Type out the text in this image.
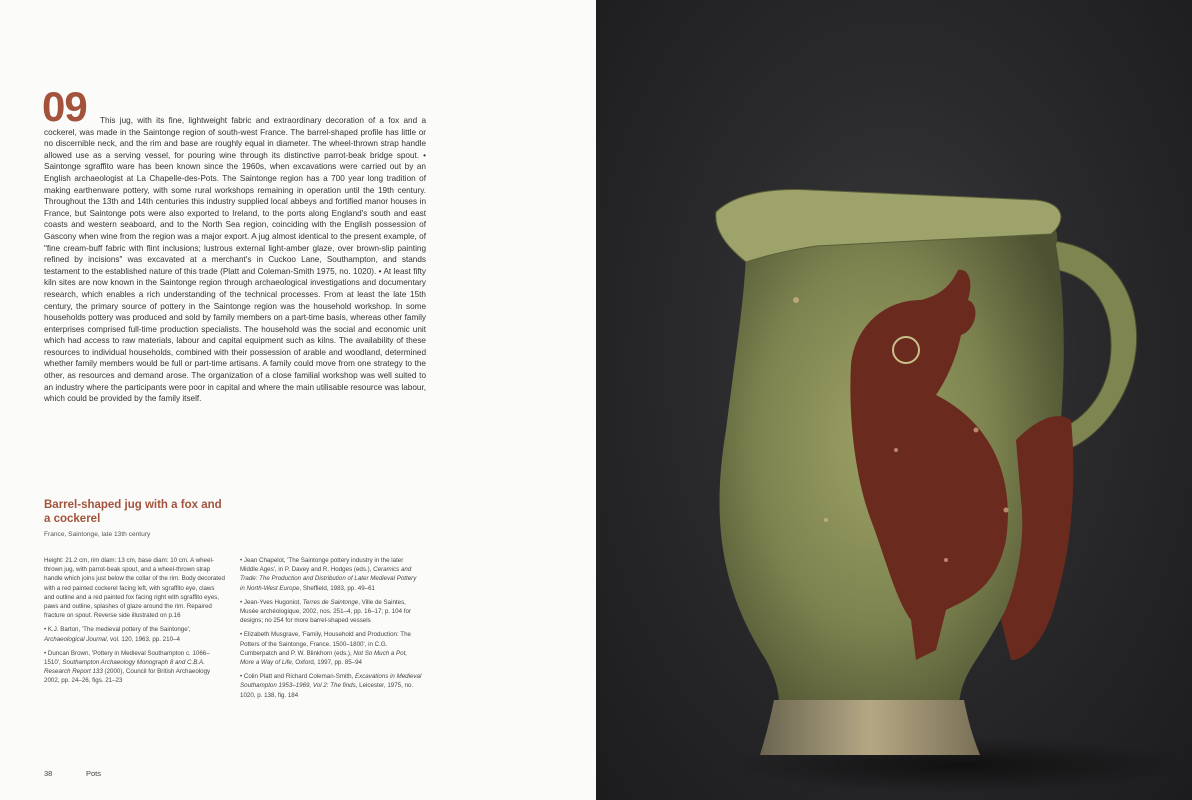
09	This jug, with its fine, lightweight fabric and extraordinary decoration of a fox and a cockerel, was made in the Saintonge region of south-west France. The barrel-shaped profile has little or no discernible neck, and the rim and base are roughly equal in diameter. The wheel-thrown strap handle allowed use as a serving vessel, for pouring wine through its distinctive parrot-beak bridge spout. • Saintonge sgraffito ware has been known since the 1960s, when excavations were carried out by an English archaeologist at La Chapelle-des-Pots. The Saintonge region has a 700 year long tradition of making earthenware pottery, with some rural workshops remaining in operation until the 19th century. Throughout the 13th and 14th centuries this industry supplied local abbeys and fortified manor houses in France, but Saintonge pots were also exported to Ireland, to the ports along England's south and east coasts and western seaboard, and to the North Sea region, coinciding with the English possession of Gascony when wine from the region was a major export. A jug almost identical to the present example, of "fine cream-buff fabric with flint inclusions; lustrous external light-amber glaze, over brown-slip painting refined by incisions" was excavated at a merchant's in Cuckoo Lane, Southampton, and stands testament to the established nature of this trade (Platt and Coleman-Smith 1975, no. 1020). • At least fifty kiln sites are now known in the Saintonge region through archaeological investigations and documentary research, which enables a rich understanding of the technical processes. From at least the late 15th century, the primary source of pottery in the Saintonge region was the household workshop. In some households pottery was produced and sold by family members on a part-time basis, whereas other family enterprises comprised full-time production specialists. The household was the social and economic unit which had access to raw materials, labour and capital equipment such as kilns. The availability of these resources to individual households, combined with their possession of arable and woodland, determined whether family members would be full or part-time artisans. A family could move from one strategy to the other, as resources and demand arose. The organization of a close familial workshop was well suited to an industry where the participants were poor in capital and where the main utilisable resource was labour, which could be provided by the family itself.
Barrel-shaped jug with a fox and a cockerel
France, Saintonge, late 13th century

Height: 21.2 cm, rim diam: 13 cm, base diam: 10 cm. A wheel-thrown jug, with parrot-beak spout, and a wheel-thrown strap handle which joins just below the collar of the rim. Body decorated with a red painted cockerel facing left, with sgraffito eye, claws and outline and a red painted fox facing right with sgraffito eyes, paws and outline, splashes of glaze around the rim. Repaired fracture on spout. Reverse side illustrated on p.16

• K.J. Barton, 'The medieval pottery of the Saintonge', Archaeological Journal, vol. 120, 1963, pp. 210–4

• Duncan Brown, 'Pottery in Medieval Southampton c. 1066–1510', Southampton Archaeology Monograph 8 and C.B.A. Research Report 133 (2000), Council for British Archaeology 2002, pp. 24–26, figs. 21–23

• Jean Chapelot, 'The Saintonge pottery industry in the later Middle Ages', in P. Davey and R. Hodges (eds.), Ceramics and Trade: The Production and Distribution of Later Medieval Pottery in North-West Europe, Sheffield, 1983, pp. 49–61

• Jean-Yves Hugoniot, Terres de Saintonge, Ville de Saintes, Musée archéologique, 2002, nos. 251–4, pp. 16–17; p. 104 for designs; no 254 for more barrel-shaped vessels

• Elizabeth Musgrave, 'Family, Household and Production: The Potters of the Saintonge, France, 1500–1800', in C.G. Cumberpatch and P. W. Blinkhorn (eds.), Not So Much a Pot, More a Way of Life, Oxford, 1997, pp. 85–94

• Colin Platt and Richard Coleman-Smith, Excavations in Medieval Southampton 1953–1969, Vol 2: The finds, Leicester, 1975, no. 1020, p. 138, fig. 184

38	Pots
